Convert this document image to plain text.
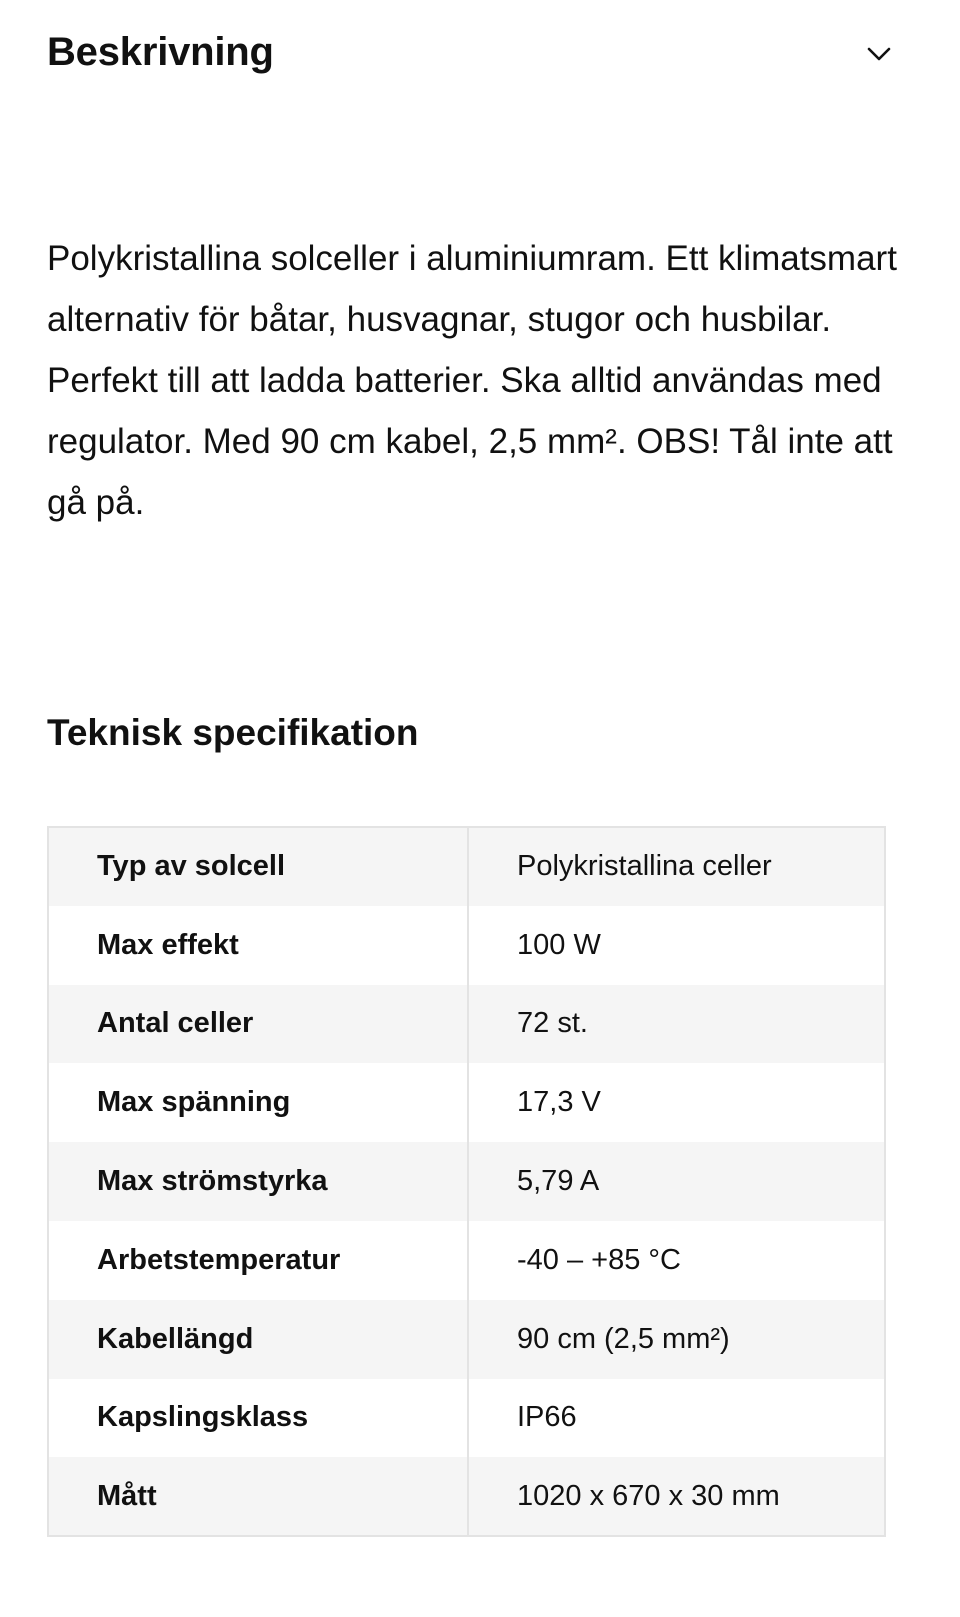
Beskrivning

Polykristallina solceller i aluminiumram. Ett klimatsmart alternativ för båtar, husvagnar, stugor och husbilar. Perfekt till att ladda batterier. Ska alltid användas med regulator. Med 90 cm kabel, 2,5 mm². OBS! Tål inte att gå på.

Teknisk specifikation
Typ av solcell	Polykristallina celler
Max effekt	100 W
Antal celler	72 st.
Max spänning	17,3 V
Max strömstyrka	5,79 A
Arbetstemperatur	-40 – +85 °C
Kabellängd	90 cm (2,5 mm²)
Kapslingsklass	IP66
Mått	1020 x 670 x 30 mm
